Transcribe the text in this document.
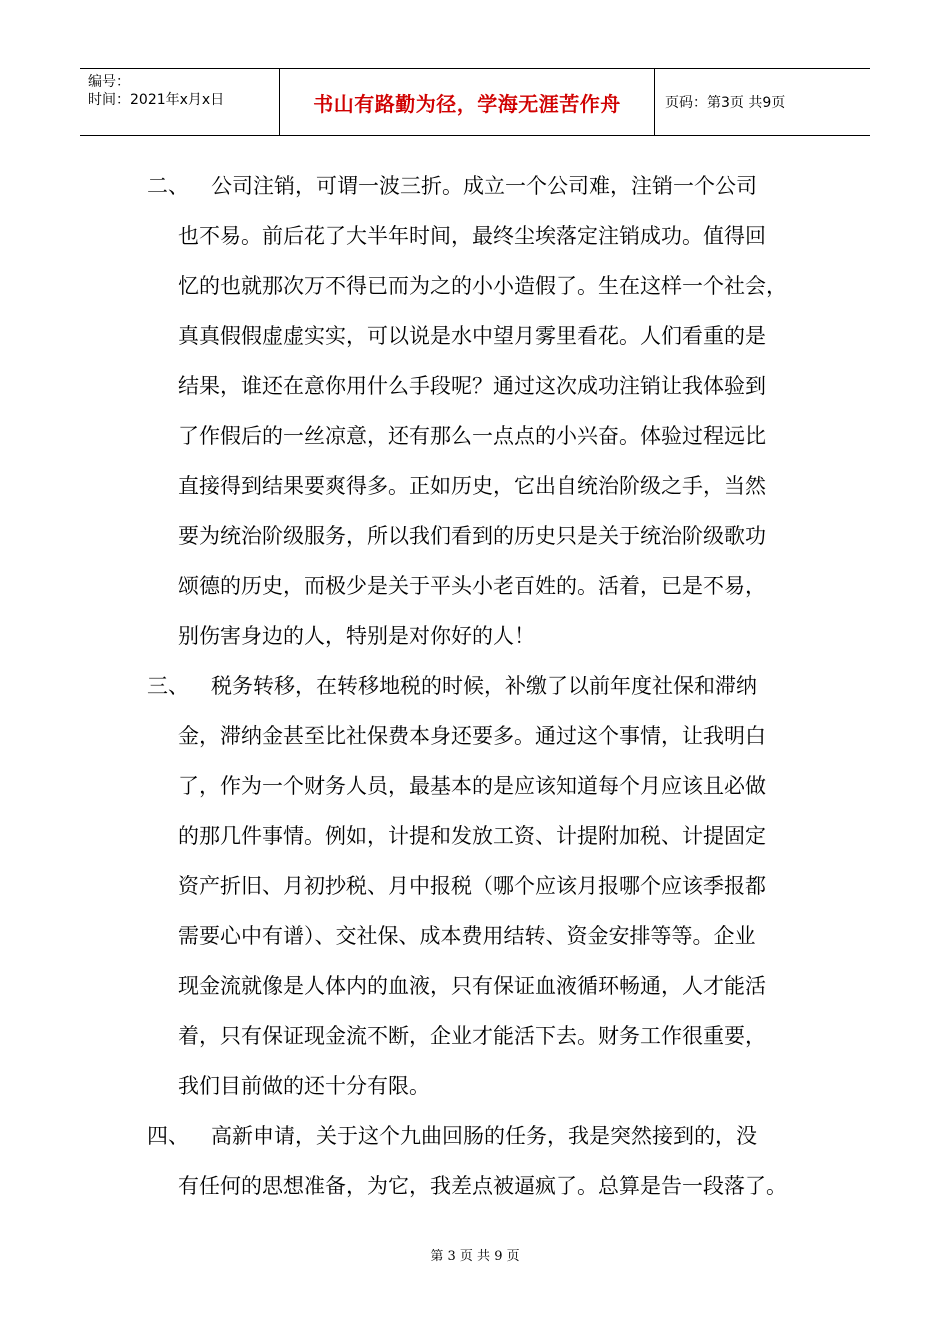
编号：
时间：2021年x月x日	书山有路勤为径，学海无涯苦作舟	页码：第3页 共9页
二、 公司注销，可谓一波三折。成立一个公司难，注销一个公司
也不易。前后花了大半年时间，最终尘埃落定注销成功。值得回
忆的也就那次万不得已而为之的小小造假了。生在这样一个社会，
真真假假虚虚实实，可以说是水中望月雾里看花。人们看重的是
结果，谁还在意你用什么手段呢？通过这次成功注销让我体验到
了作假后的一丝凉意，还有那么一点点的小兴奋。体验过程远比
直接得到结果要爽得多。正如历史，它出自统治阶级之手，当然
要为统治阶级服务，所以我们看到的历史只是关于统治阶级歌功
颂德的历史，而极少是关于平头小老百姓的。活着，已是不易，
别伤害身边的人，特别是对你好的人！
三、 税务转移，在转移地税的时候，补缴了以前年度社保和滞纳
金，滞纳金甚至比社保费本身还要多。通过这个事情，让我明白
了，作为一个财务人员，最基本的是应该知道每个月应该且必做
的那几件事情。例如，计提和发放工资、计提附加税、计提固定
资产折旧、月初抄税、月中报税（哪个应该月报哪个应该季报都
需要心中有谱）、交社保、成本费用结转、资金安排等等。企业
现金流就像是人体内的血液，只有保证血液循环畅通，人才能活
着，只有保证现金流不断，企业才能活下去。财务工作很重要，
我们目前做的还十分有限。
四、 高新申请，关于这个九曲回肠的任务，我是突然接到的，没
有任何的思想准备，为它，我差点被逼疯了。总算是告一段落了。
第 3 页 共 9 页
